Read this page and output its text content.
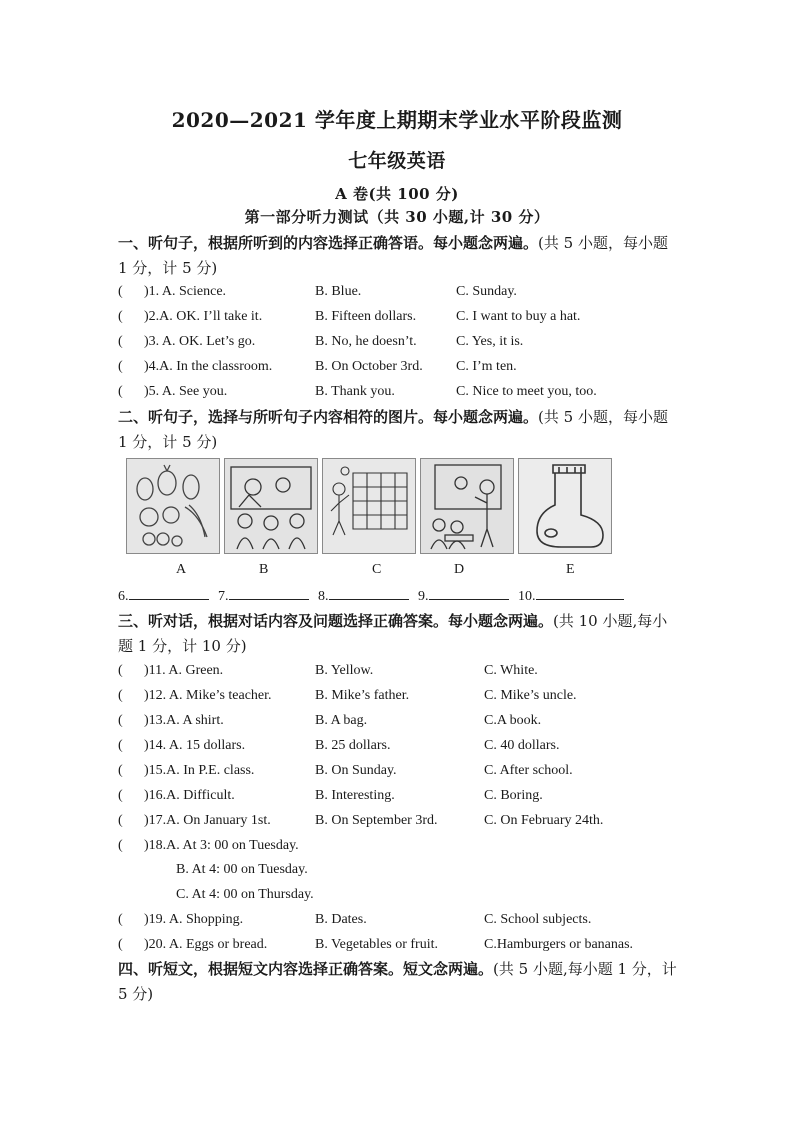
2020—2021 学年度上期期末学业水平阶段监测
七年级英语
A 卷(共 100 分)
第一部分听力测试（共 30 小题,计 30 分）
一、听句子，根据所听到的内容选择正确答语。每小题念两遍。(共 5 小题，每小题 1 分，计 5 分)
( )1. A. Science.	B. Blue.	C. Sunday.
( )2.A. OK. I’ll take it.	B. Fifteen dollars.	C. I want to buy a hat.
( )3. A. OK. Let’s go.	B. No, he doesn’t.	C. Yes, it is.
( )4.A. In the classroom.	B. On October 3rd. C. I’m ten.
( )5. A. See you.	B. Thank you.	C. Nice to meet you, too.
二、听句子，选择与所听句子内容相符的图片。每小题念两遍。(共 5 小题，每小题 1 分，计 5 分)
A	B	C	D	E
6.	7.	8.	9.	10.
三、听对话，根据对话内容及问题选择正确答案。每小题念两遍。(共 10 小题,每小题 1 分，计 10 分)
( )11. A. Green.	B. Yellow.	C. White.
( )12. A. Mike’s teacher.	B. Mike’s father.	C. Mike’s uncle.
( )13.A. A shirt.	B. A bag.	C.A book.
( )14. A. 15 dollars.	B. 25 dollars.	C. 40 dollars.
( )15.A. In P.E. class.	B. On Sunday.	C. After school.
( )16.A. Difficult.	B. Interesting.	C. Boring.
( )17.A. On January 1st.	B. On September 3rd.	C. On February 24th.
( )18.A. At 3: 00 on Tuesday.
B. At 4: 00 on Tuesday.
C. At 4: 00 on Thursday.
( )19. A. Shopping.	B. Dates.	C. School subjects.
( )20. A. Eggs or bread.	B. Vegetables or fruit.	C.Hamburgers or bananas.
四、听短文，根据短文内容选择正确答案。短文念两遍。(共 5 小题,每小题 1 分，计 5 分)
